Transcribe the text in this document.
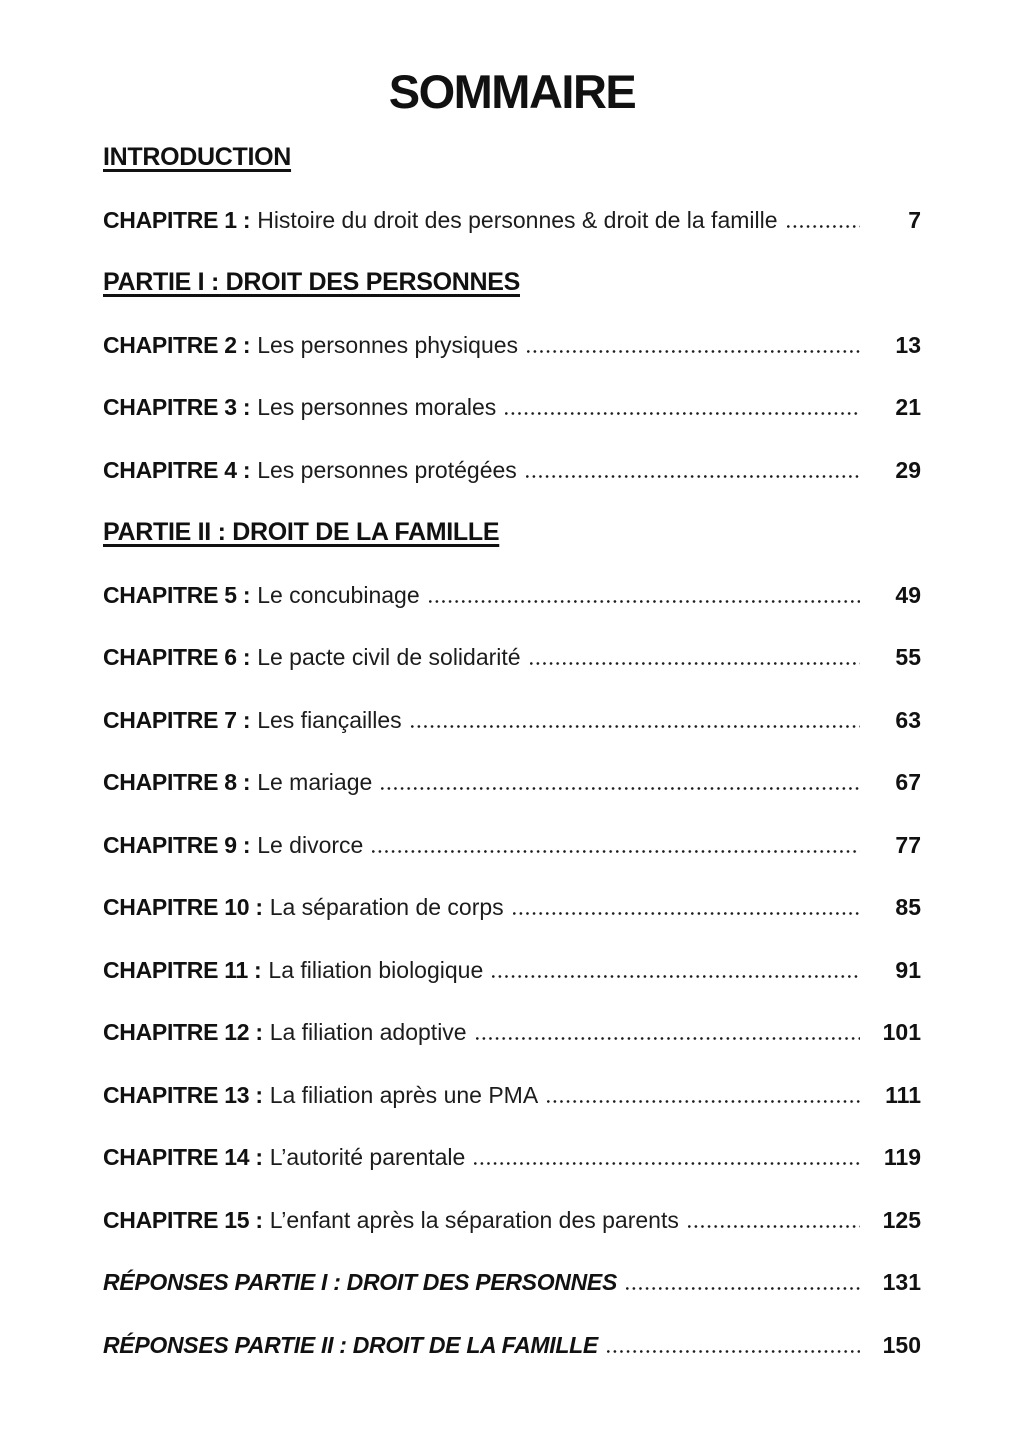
SOMMAIRE
INTRODUCTION
CHAPITRE 1 : Histoire du droit des personnes & droit de la famille	7
PARTIE I : DROIT DES PERSONNES
CHAPITRE 2 : Les personnes physiques	13
CHAPITRE 3 : Les personnes morales	21
CHAPITRE 4 : Les personnes protégées	29
PARTIE II : DROIT DE LA FAMILLE
CHAPITRE 5 : Le concubinage	49
CHAPITRE 6 : Le pacte civil de solidarité	55
CHAPITRE 7 : Les fiançailles	63
CHAPITRE 8 : Le mariage	67
CHAPITRE 9 : Le divorce	77
CHAPITRE 10 : La séparation de corps	85
CHAPITRE 11 : La filiation biologique	91
CHAPITRE 12 : La filiation adoptive	101
CHAPITRE 13 : La filiation après une PMA	111
CHAPITRE 14 : L’autorité parentale	119
CHAPITRE 15 : L’enfant après la séparation des parents	125
RÉPONSES PARTIE I : DROIT DES PERSONNES	131
RÉPONSES PARTIE II : DROIT DE LA FAMILLE	150
